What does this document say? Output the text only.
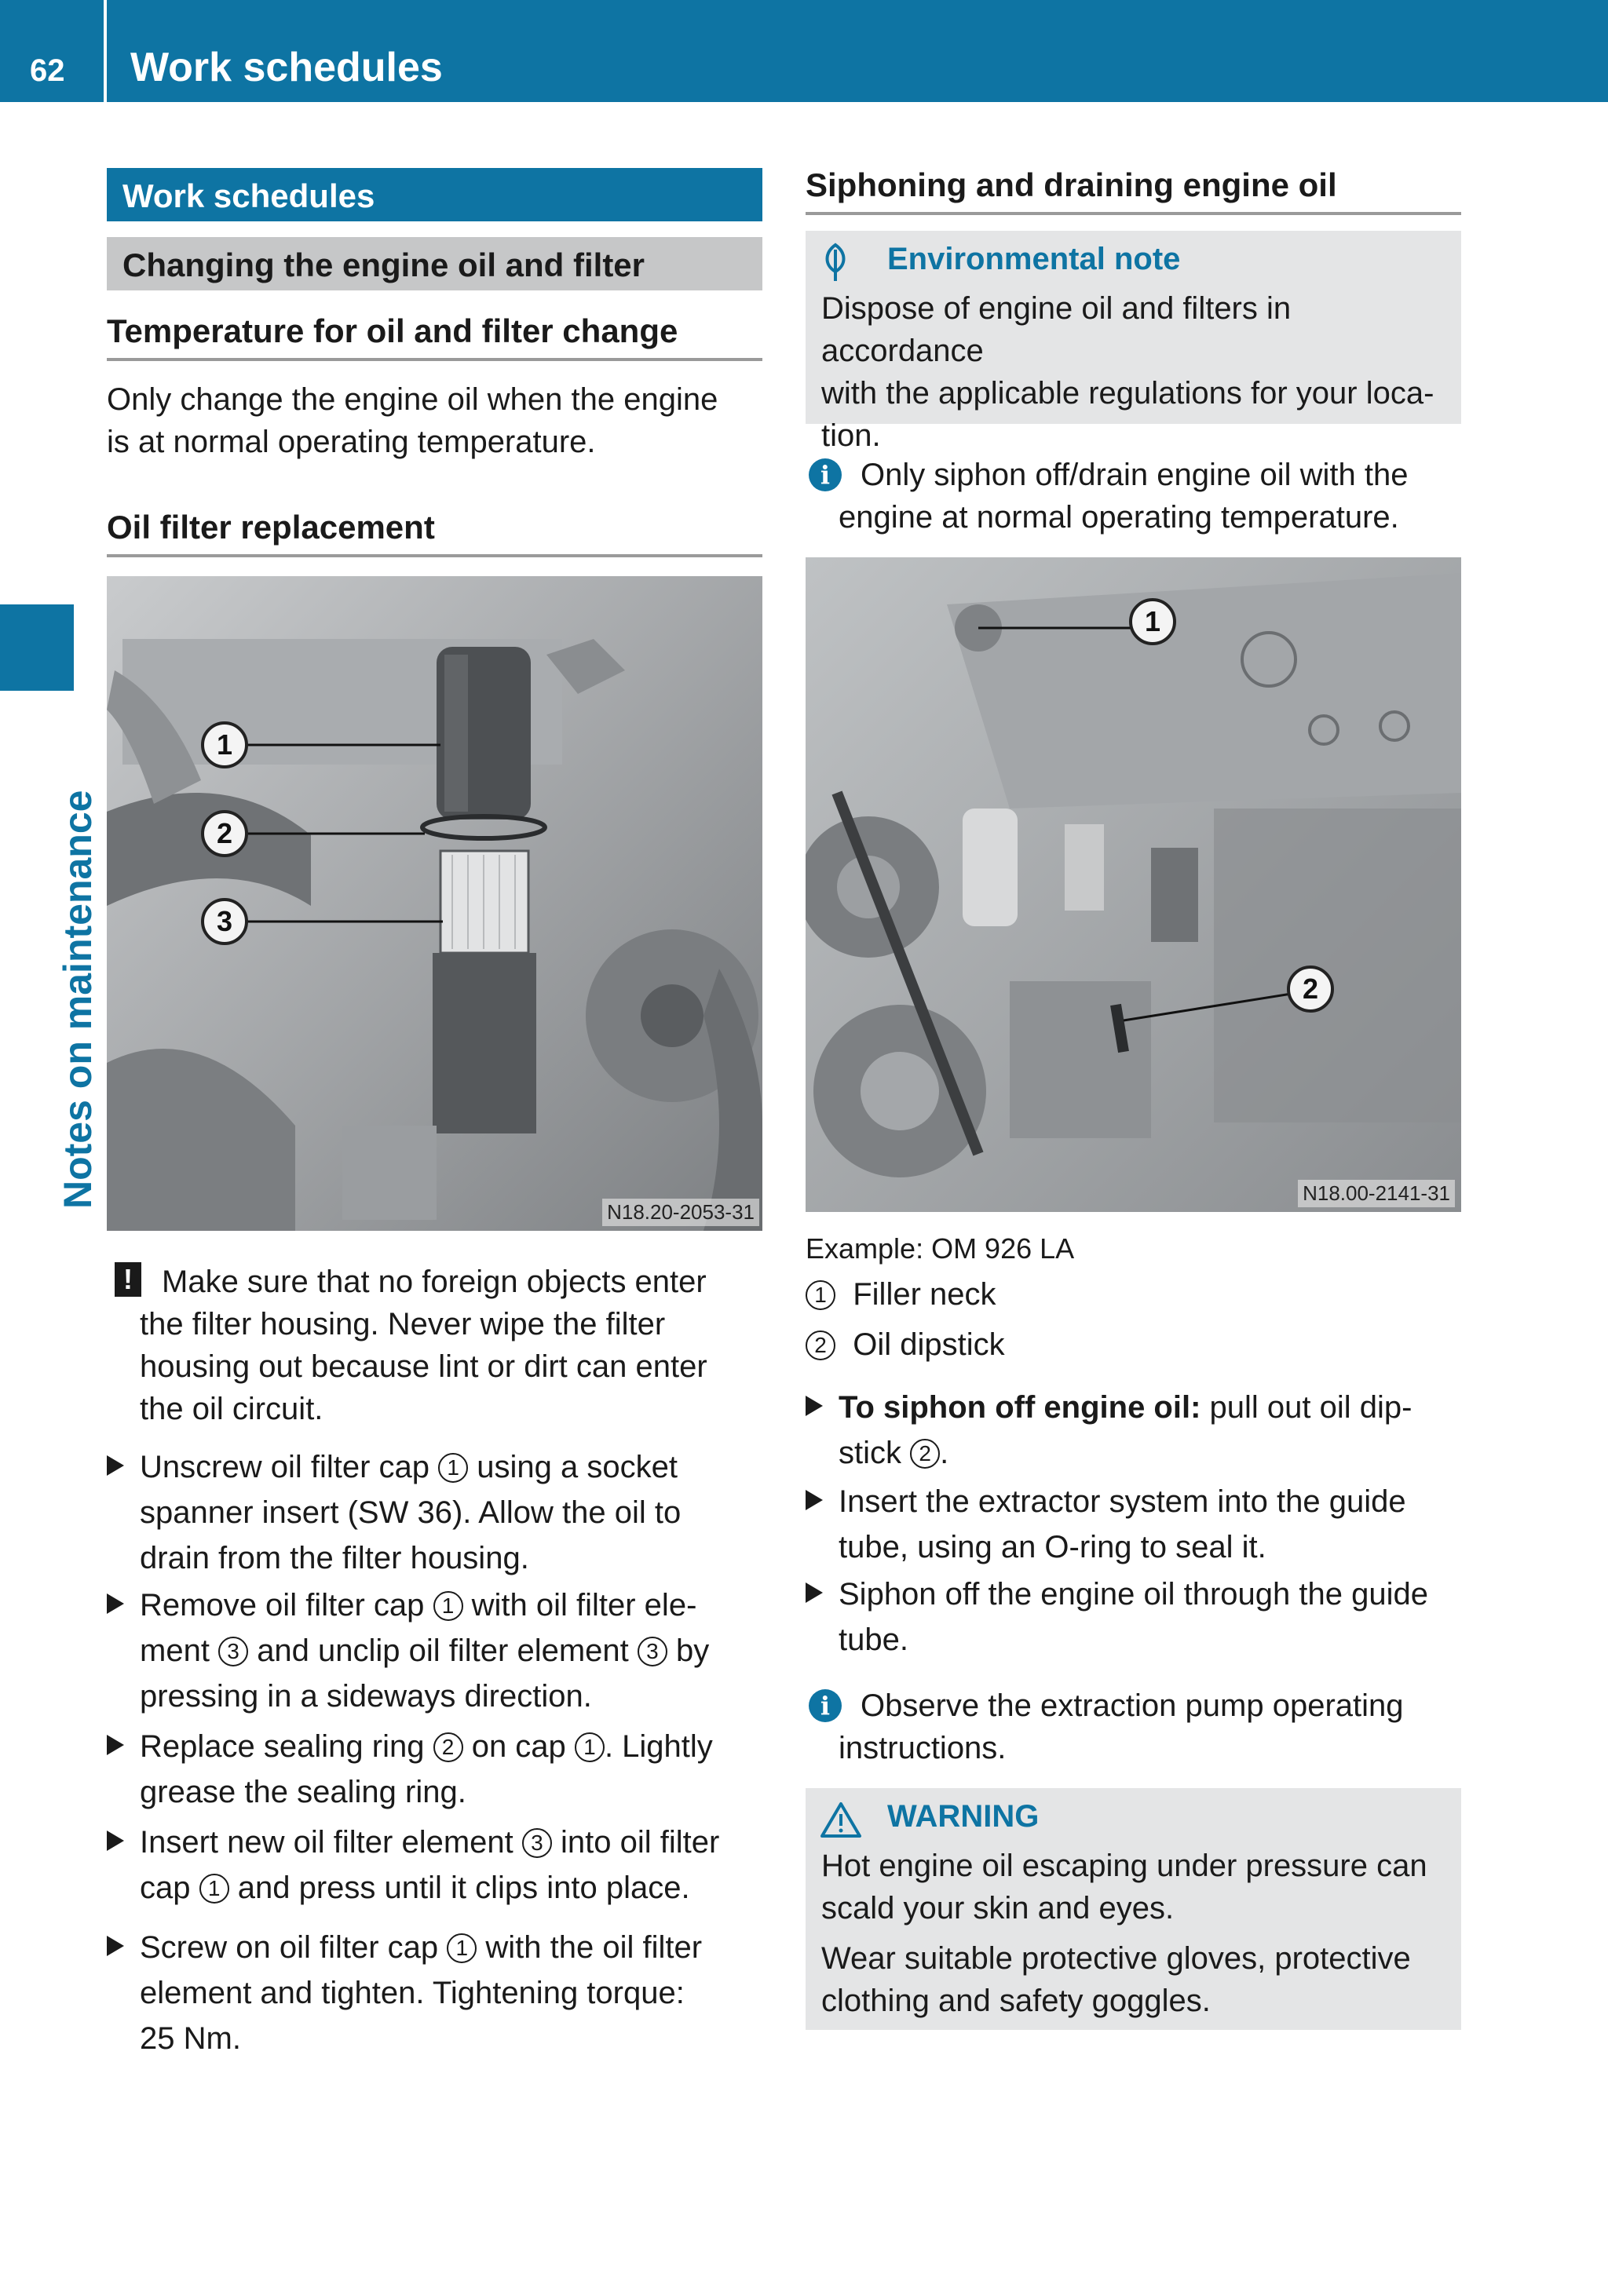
62 Work schedules
Notes on maintenance
Work schedules
Changing the engine oil and filter
Temperature for oil and filter change
Only change the engine oil when the engine
is at normal operating temperature.
Oil filter replacement
1
2
3
N18.20-2053-31
! Make sure that no foreign objects enter
the filter housing. Never wipe the filter
housing out because lint or dirt can enter
the oil circuit.
Unscrew oil filter cap 1 using a socket
spanner insert (SW 36). Allow the oil to
drain from the filter housing.
Remove oil filter cap 1 with oil filter ele-
ment 3 and unclip oil filter element 3 by
pressing in a sideways direction.
Replace sealing ring 2 on cap 1 . Lightly
grease the sealing ring.
Insert new oil filter element 3 into oil filter
cap 1 and press until it clips into place.
Screw on oil filter cap 1 with the oil filter
element and tighten. Tightening torque:
25 Nm.
Siphoning and draining engine oil
Environmental note
Dispose of engine oil and filters in accordance
with the applicable regulations for your loca-
tion.
i Only siphon off/drain engine oil with the
engine at normal operating temperature.
1
2
N18.00-2141-31
Example: OM 926 LA
1 Filler neck
2 Oil dipstick
To siphon off engine oil: pull out oil dip-
stick 2 .
Insert the extractor system into the guide
tube, using an O-ring to seal it.
Siphon off the engine oil through the guide
tube.
i Observe the extraction pump operating
instructions.
WARNING
Hot engine oil escaping under pressure can
scald your skin and eyes.
Wear suitable protective gloves, protective
clothing and safety goggles.
